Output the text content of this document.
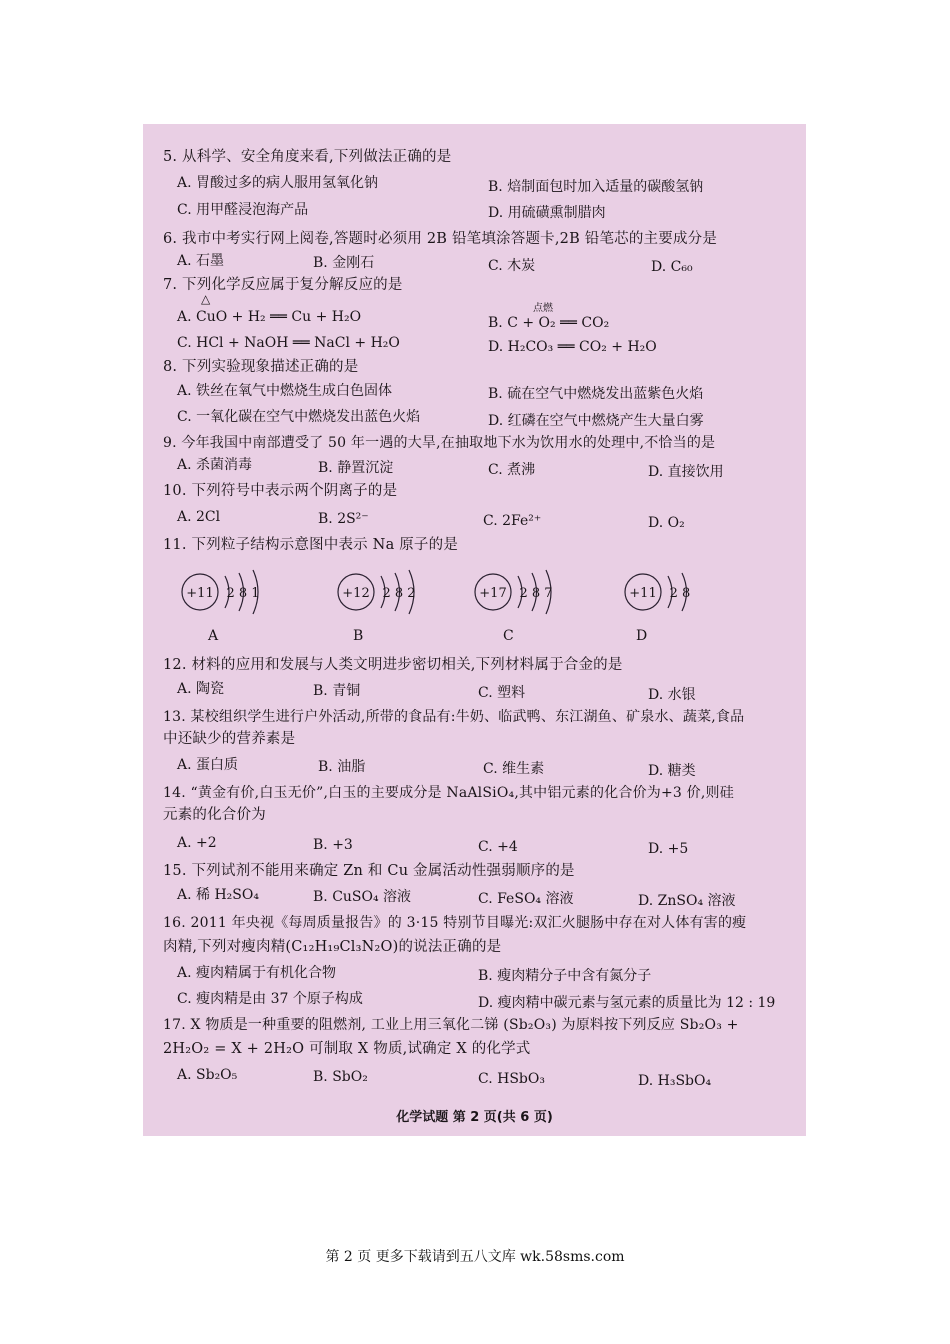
5. 从科学、安全角度来看,下列做法正确的是
A. 胃酸过多的病人服用氢氧化钠	B. 焙制面包时加入适量的碳酸氢钠
C. 用甲醛浸泡海产品	D. 用硫磺熏制腊肉
6. 我市中考实行网上阅卷,答题时必须用 2B 铅笔填涂答题卡,2B 铅笔芯的主要成分是
A. 石墨	B. 金刚石	C. 木炭	D. C₆₀
7. 下列化学反应属于复分解反应的是
△
A. CuO + H₂ ══ Cu + H₂O
点燃
B. C + O₂ ══ CO₂
C. HCl + NaOH ══ NaCl + H₂O	D. H₂CO₃ ══ CO₂ + H₂O
8. 下列实验现象描述正确的是
A. 铁丝在氧气中燃烧生成白色固体	B. 硫在空气中燃烧发出蓝紫色火焰
C. 一氧化碳在空气中燃烧发出蓝色火焰	D. 红磷在空气中燃烧产生大量白雾
9. 今年我国中南部遭受了 50 年一遇的大旱,在抽取地下水为饮用水的处理中,不恰当的是
A. 杀菌消毒	B. 静置沉淀	C. 煮沸	D. 直接饮用
10. 下列符号中表示两个阴离子的是
A. 2Cl	B. 2S²⁻	C. 2Fe²⁺	D. O₂
11. 下列粒子结构示意图中表示 Na 原子的是
+11 2 8 1	+12 2 8 2	+17 2 8 7	+11 2 8
A	B	C	D
12. 材料的应用和发展与人类文明进步密切相关,下列材料属于合金的是
A. 陶瓷	B. 青铜	C. 塑料	D. 水银
13. 某校组织学生进行户外活动,所带的食品有:牛奶、临武鸭、东江湖鱼、矿泉水、蔬菜,食品
中还缺少的营养素是
A. 蛋白质	B. 油脂	C. 维生素	D. 糖类
14. “黄金有价,白玉无价”,白玉的主要成分是 NaAlSiO₄,其中铝元素的化合价为+3 价,则硅
元素的化合价为
A. +2	B. +3	C. +4	D. +5
15. 下列试剂不能用来确定 Zn 和 Cu 金属活动性强弱顺序的是
A. 稀 H₂SO₄	B. CuSO₄ 溶液	C. FeSO₄ 溶液	D. ZnSO₄ 溶液
16. 2011 年央视《每周质量报告》的 3·15 特别节目曝光:双汇火腿肠中存在对人体有害的瘦
肉精,下列对瘦肉精(C₁₂H₁₉Cl₃N₂O)的说法正确的是
A. 瘦肉精属于有机化合物	B. 瘦肉精分子中含有氮分子
C. 瘦肉精是由 37 个原子构成	D. 瘦肉精中碳元素与氢元素的质量比为 12 : 19
17. X 物质是一种重要的阻燃剂, 工业上用三氧化二锑 (Sb₂O₃) 为原料按下列反应 Sb₂O₃ +
2H₂O₂ = X + 2H₂O 可制取 X 物质,试确定 X 的化学式
A. Sb₂O₅	B. SbO₂	C. HSbO₃	D. H₃SbO₄
化学试题 第 2 页(共 6 页)
第 2 页 更多下载请到五八文库 wk.58sms.com
